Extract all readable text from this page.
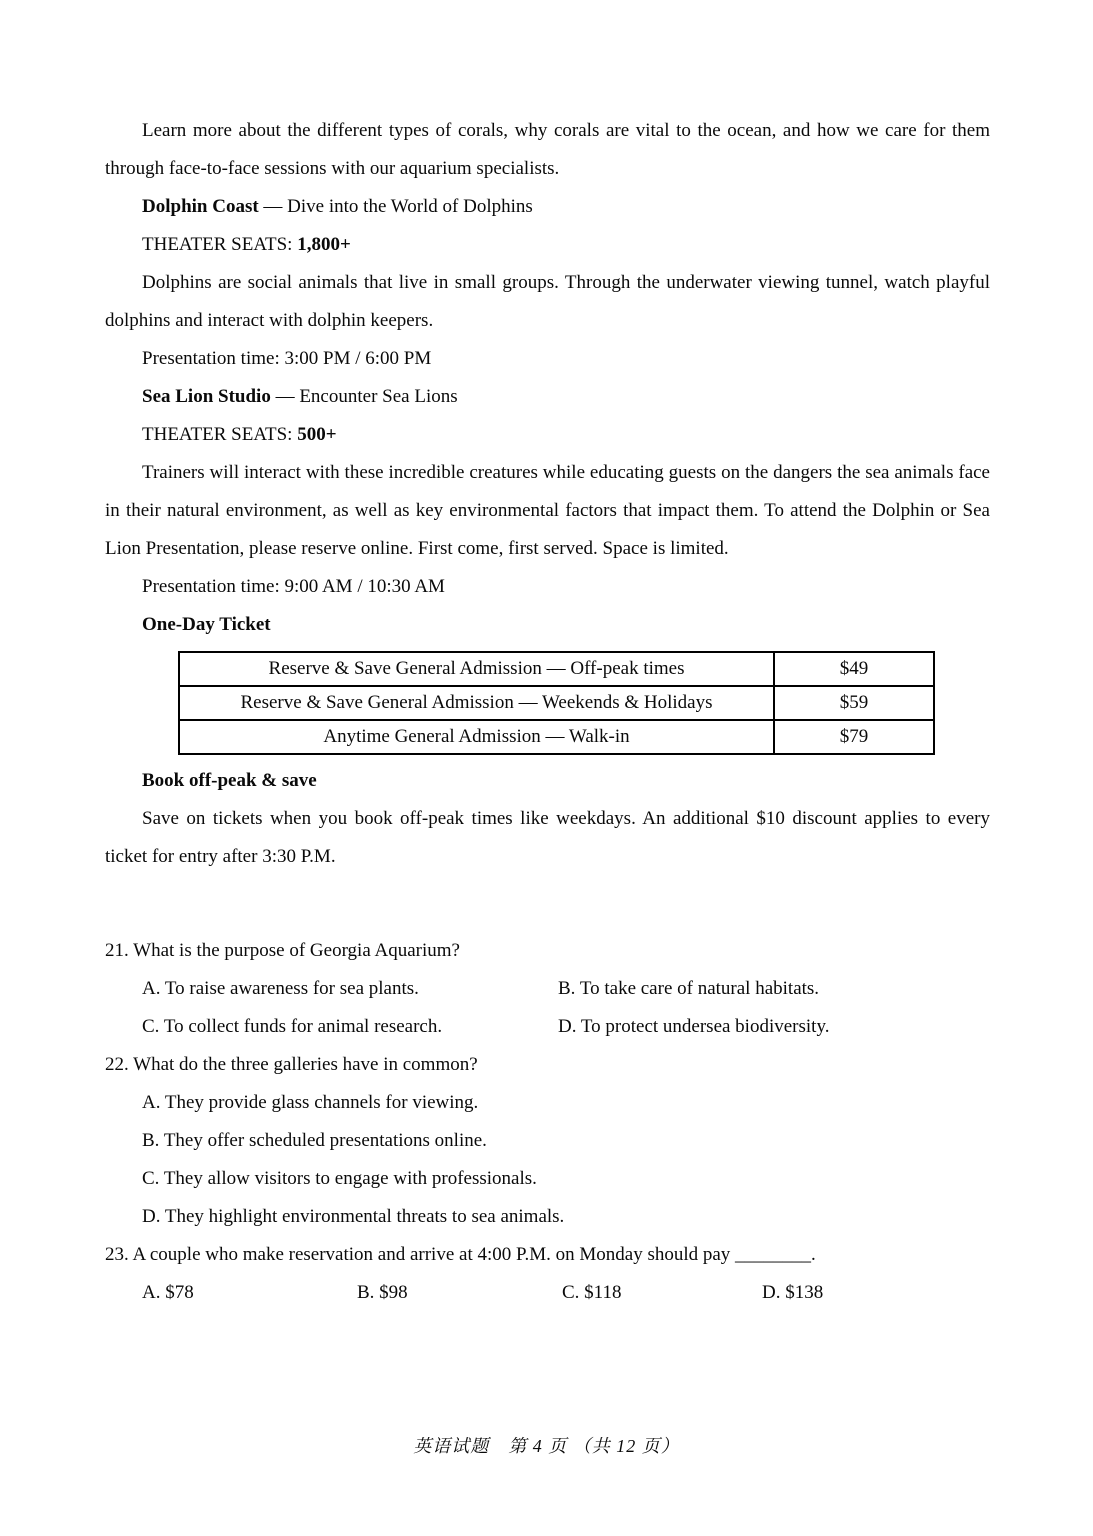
Learn more about the different types of corals, why corals are vital to the ocean, and how we care for them through face-to-face sessions with our aquarium specialists.

Dolphin Coast — Dive into the World of Dolphins

THEATER SEATS: 1,800+

Dolphins are social animals that live in small groups. Through the underwater viewing tunnel, watch playful dolphins and interact with dolphin keepers.

Presentation time: 3:00 PM / 6:00 PM

Sea Lion Studio — Encounter Sea Lions

THEATER SEATS: 500+

Trainers will interact with these incredible creatures while educating guests on the dangers the sea animals face in their natural environment, as well as key environmental factors that impact them. To attend the Dolphin or Sea Lion Presentation, please reserve online. First come, first served. Space is limited.

Presentation time: 9:00 AM / 10:30 AM

One-Day Ticket

Reserve & Save General Admission — Off-peak times	$49
Reserve & Save General Admission — Weekends & Holidays	$59
Anytime General Admission — Walk-in	$79

Book off-peak & save

Save on tickets when you book off-peak times like weekdays. An additional $10 discount applies to every ticket for entry after 3:30 P.M.

21. What is the purpose of Georgia Aquarium?

A. To raise awareness for sea plants.	B. To take care of natural habitats.
C. To collect funds for animal research.	D. To protect undersea biodiversity.

22. What do the three galleries have in common?

A. They provide glass channels for viewing.

B. They offer scheduled presentations online.

C. They allow visitors to engage with professionals.

D. They highlight environmental threats to sea animals.

23. A couple who make reservation and arrive at 4:00 P.M. on Monday should pay ________.

A. $78	B. $98	C. $118	D. $138
英语试题　第 4 页 （共 12 页）
